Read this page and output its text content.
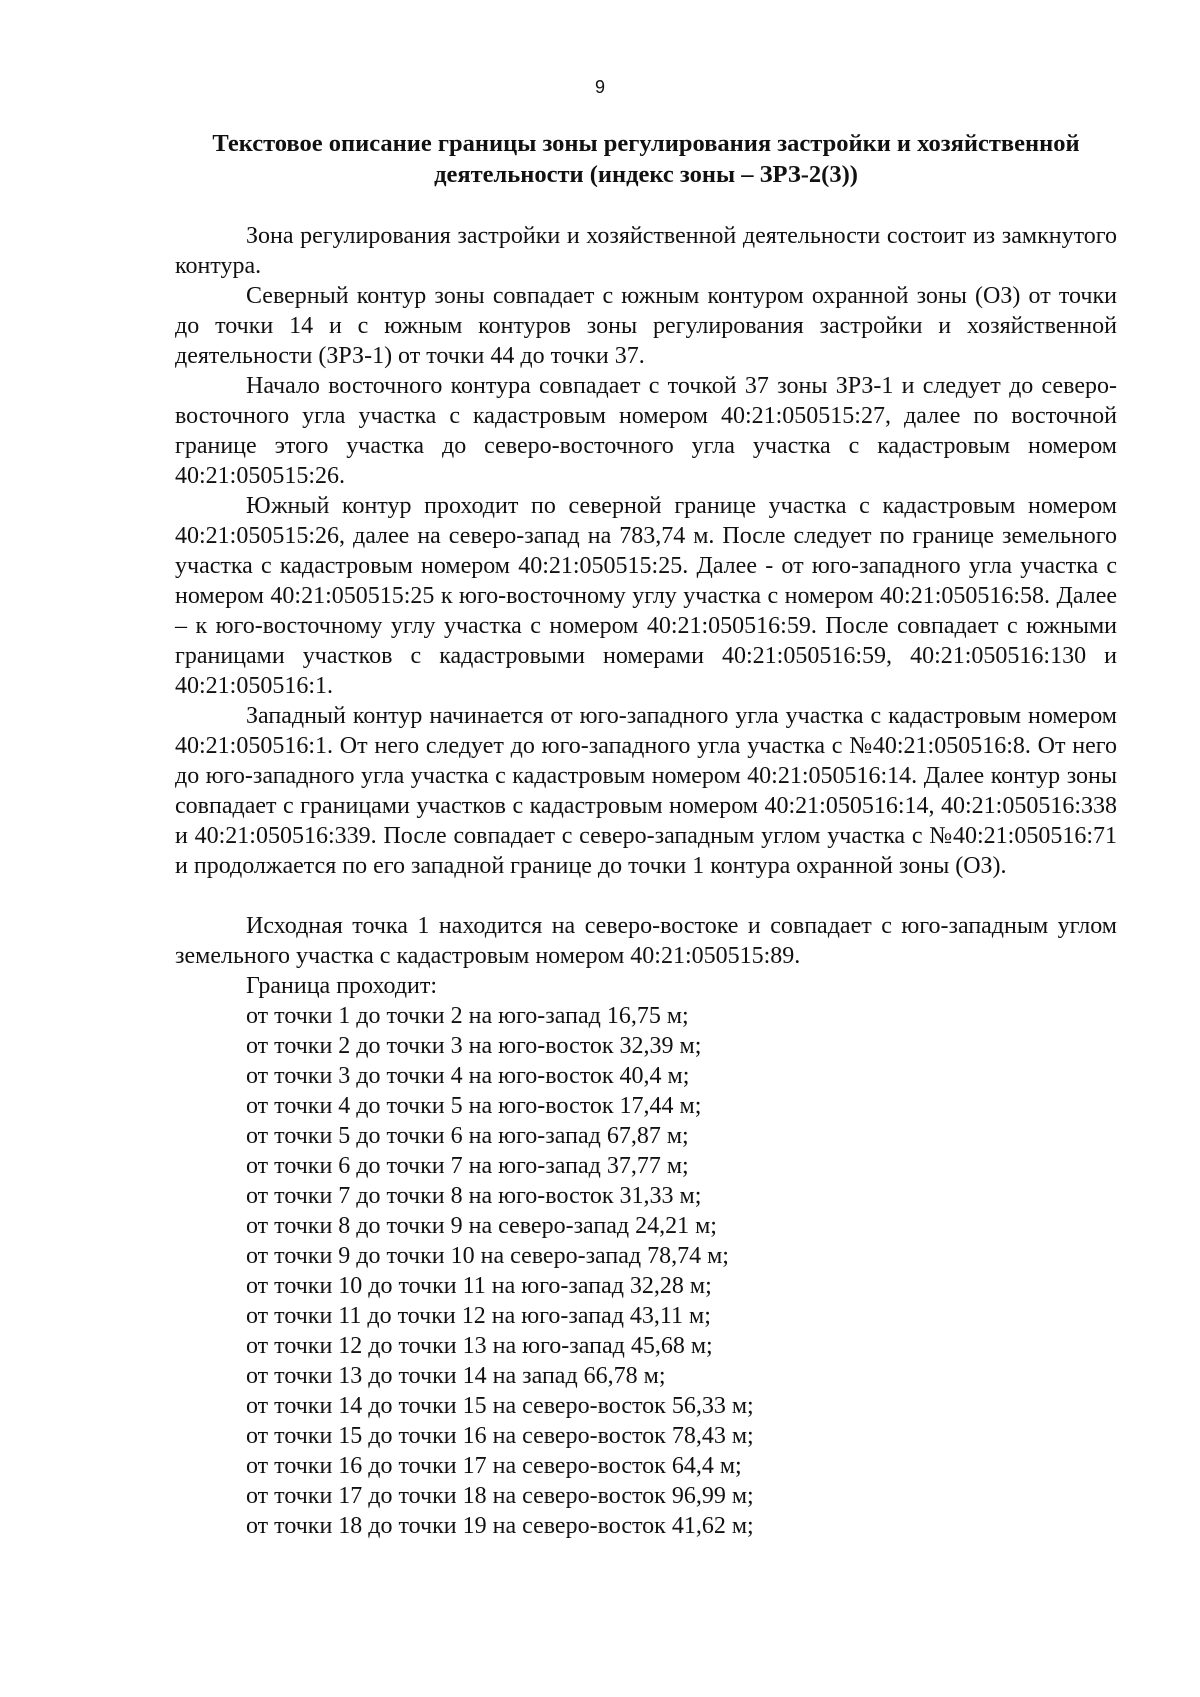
9
Текстовое описание границы зоны регулирования застройки и хозяйственной
деятельности (индекс зоны – ЗРЗ-2(3))

Зона регулирования застройки и хозяйственной деятельности состоит из замкнутого контура.

Северный контур зоны совпадает с южным контуром охранной зоны (ОЗ) от точки до точки 14 и с южным контуров зоны регулирования застройки и хозяйственной деятельности (ЗРЗ-1) от точки 44 до точки 37.

Начало восточного контура совпадает с точкой 37 зоны ЗРЗ-1 и следует до северо-восточного угла участка с кадастровым номером 40:21:050515:27, далее по восточной границе этого участка до северо-восточного угла участка с кадастровым номером 40:21:050515:26.

Южный контур проходит по северной границе участка с кадастровым номером 40:21:050515:26, далее на северо-запад на 783,74 м. После следует по границе земельного участка с кадастровым номером 40:21:050515:25. Далее - от юго-западного угла участка с номером 40:21:050515:25 к юго-восточному углу участка с номером 40:21:050516:58. Далее – к юго-восточному углу участка с номером 40:21:050516:59. После совпадает с южными границами участков с кадастровыми номерами 40:21:050516:59, 40:21:050516:130 и 40:21:050516:1.

Западный контур начинается от юго-западного угла участка с кадастровым номером 40:21:050516:1. От него следует до юго-западного угла участка с №40:21:050516:8. От него до юго-западного угла участка с кадастровым номером 40:21:050516:14. Далее контур зоны совпадает с границами участков с кадастровым номером 40:21:050516:14, 40:21:050516:338 и 40:21:050516:339. После совпадает с северо-западным углом участка с №40:21:050516:71 и продолжается по его западной границе до точки 1 контура охранной зоны (ОЗ).

Исходная точка 1 находится на северо-востоке и совпадает с юго-западным углом земельного участка с кадастровым номером 40:21:050515:89.

Граница проходит:

от точки 1 до точки 2 на юго-запад 16,75 м;
от точки 2 до точки 3 на юго-восток 32,39 м;
от точки 3 до точки 4 на юго-восток 40,4 м;
от точки 4 до точки 5 на юго-восток 17,44 м;
от точки 5 до точки 6 на юго-запад 67,87 м;
от точки 6 до точки 7 на юго-запад 37,77 м;
от точки 7 до точки 8 на юго-восток 31,33 м;
от точки 8 до точки 9 на северо-запад 24,21 м;
от точки 9 до точки 10 на северо-запад 78,74 м;
от точки 10 до точки 11 на юго-запад 32,28 м;
от точки 11 до точки 12 на юго-запад 43,11 м;
от точки 12 до точки 13 на юго-запад 45,68 м;
от точки 13 до точки 14 на запад 66,78 м;
от точки 14 до точки 15 на северо-восток 56,33 м;
от точки 15 до точки 16 на северо-восток 78,43 м;
от точки 16 до точки 17 на северо-восток 64,4 м;
от точки 17 до точки 18 на северо-восток 96,99 м;
от точки 18 до точки 19 на северо-восток 41,62 м;
